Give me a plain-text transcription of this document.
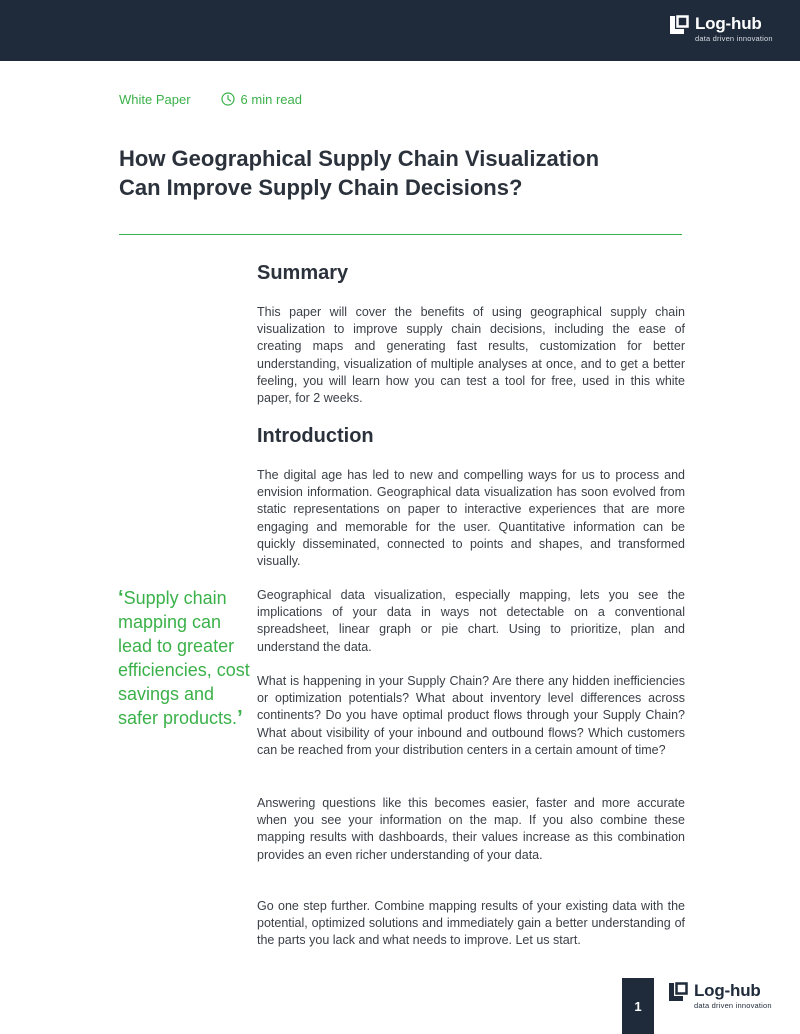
Log-hub
data driven innovation
White Paper	6 min read
How Geographical Supply Chain Visualization
Can Improve Supply Chain Decisions?
Summary

This paper will cover the benefits of using geographical supply chain visualization to improve supply chain decisions, including the ease of creating maps and generating fast results, customization for better understanding, visualization of multiple analyses at once, and to get a better feeling, you will learn how you can test a tool for free, used in this white paper, for 2 weeks.

Introduction

The digital age has led to new and compelling ways for us to process and envision information. Geographical data visualization has soon evolved from static representations on paper to interactive experiences that are more engaging and memorable for the user. Quantitative information can be quickly disseminated, connected to points and shapes, and transformed visually.

Geographical data visualization, especially mapping, lets you see the implications of your data in ways not detectable on a conventional spreadsheet, linear graph or pie chart. Using to prioritize, plan and understand the data.

What is happening in your Supply Chain? Are there any hidden inefficiencies or optimization potentials? What about inventory level differences across continents? Do you have optimal product flows through your Supply Chain? What about visibility of your inbound and outbound flows? Which customers can be reached from your distribution centers in a certain amount of time?

Answering questions like this becomes easier, faster and more accurate when you see your information on the map. If you also combine these mapping results with dashboards, their values increase as this combination provides an even richer understanding of your data.

Go one step further. Combine mapping results of your existing data with the potential, optimized solutions and immediately gain a better understanding of the parts you lack and what needs to improve. Let us start.

‘Supply chain mapping can lead to greater efficiencies, cost savings and safer products.’
1
Log-hub
data driven innovation
